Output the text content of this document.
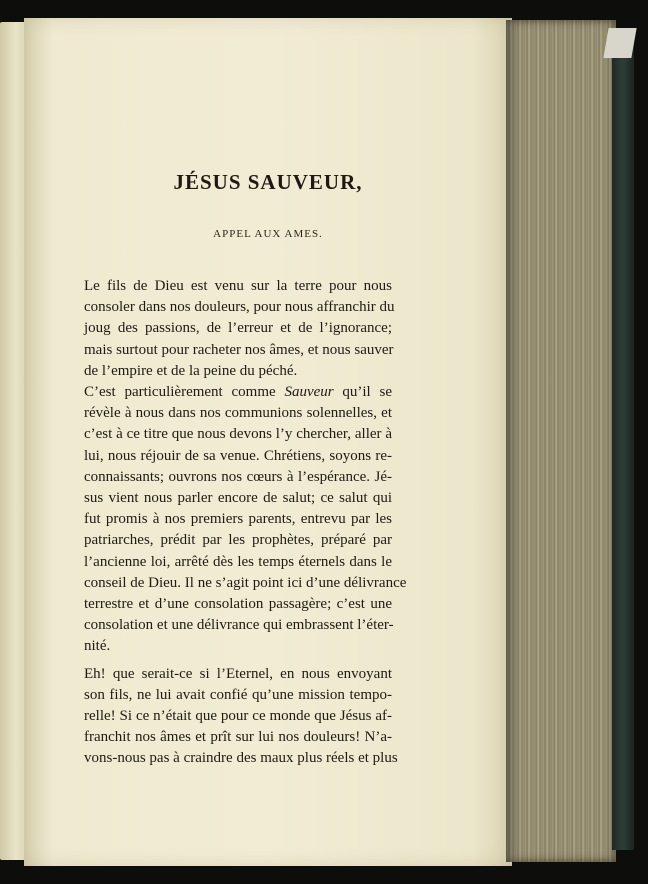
JÉSUS SAUVEUR,
APPEL AUX AMES.

Le fils de Dieu est venu sur la terre pour nous
consoler dans nos douleurs, pour nous affranchir du
joug des passions, de l’erreur et de l’ignorance;
mais surtout pour racheter nos âmes, et nous sauver
de l’empire et de la peine du péché.

C’est particulièrement comme Sauveur qu’il se
révèle à nous dans nos communions solennelles, et
c’est à ce titre que nous devons l’y chercher, aller à
lui, nous réjouir de sa venue. Chrétiens, soyons re-
connaissants; ouvrons nos cœurs à l’espérance. Jé-
sus vient nous parler encore de salut; ce salut qui
fut promis à nos premiers parents, entrevu par les
patriarches, prédit par les prophètes, préparé par
l’ancienne loi, arrêté dès les temps éternels dans le
conseil de Dieu. Il ne s’agit point ici d’une délivrance
terrestre et d’une consolation passagère; c’est une
consolation et une délivrance qui embrassent l’éter-
nité.

Eh! que serait-ce si l’Eternel, en nous envoyant
son fils, ne lui avait confié qu’une mission tempo-
relle! Si ce n’était que pour ce monde que Jésus af-
franchit nos âmes et prît sur lui nos douleurs! N’a-
vons-nous pas à craindre des maux plus réels et plus
